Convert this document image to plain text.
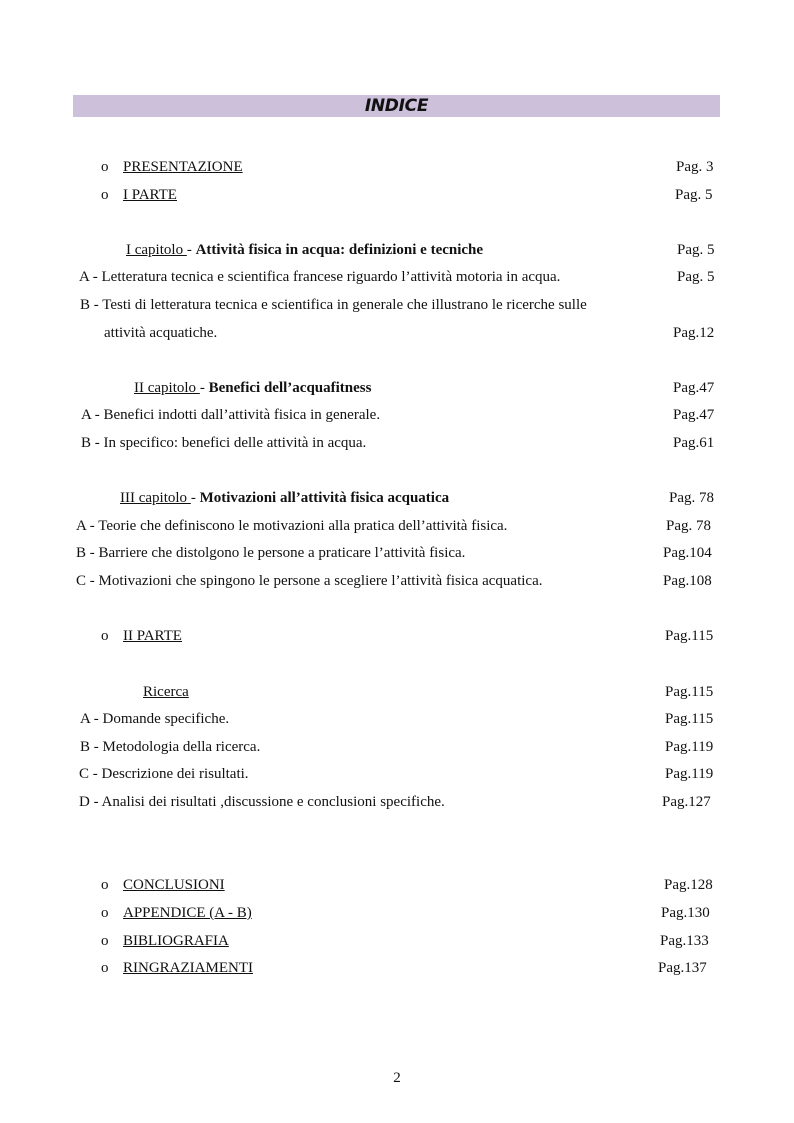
INDICE
o PRESENTAZIONE	Pag. 3
o I PARTE	Pag. 5
I capitolo - Attività fisica in acqua: definizioni e tecniche	Pag. 5
A - Letteratura tecnica e scientifica francese riguardo l’attività motoria in acqua.	Pag. 5
B - Testi di letteratura tecnica e scientifica in generale che illustrano le ricerche sulle
attività acquatiche.	Pag.12
II capitolo - Benefici dell’acquafitness	Pag.47
A - Benefici indotti dall’attività fisica in generale.	Pag.47
B - In specifico: benefici delle attività in acqua.	Pag.61
III capitolo - Motivazioni all’attività fisica acquatica	Pag. 78
A - Teorie che definiscono le motivazioni alla pratica dell’attività fisica.	Pag. 78
B - Barriere che distolgono le persone a praticare l’attività fisica.	Pag.104
C - Motivazioni che spingono le persone a scegliere l’attività fisica acquatica.	Pag.108
o II PARTE	Pag.115
Ricerca	Pag.115
A - Domande specifiche.	Pag.115
B - Metodologia della ricerca.	Pag.119
C - Descrizione dei risultati.	Pag.119
D - Analisi dei risultati ,discussione e conclusioni specifiche.	Pag.127
o CONCLUSIONI	Pag.128
o APPENDICE (A - B)	Pag.130
o BIBLIOGRAFIA	Pag.133
o RINGRAZIAMENTI	Pag.137
2
